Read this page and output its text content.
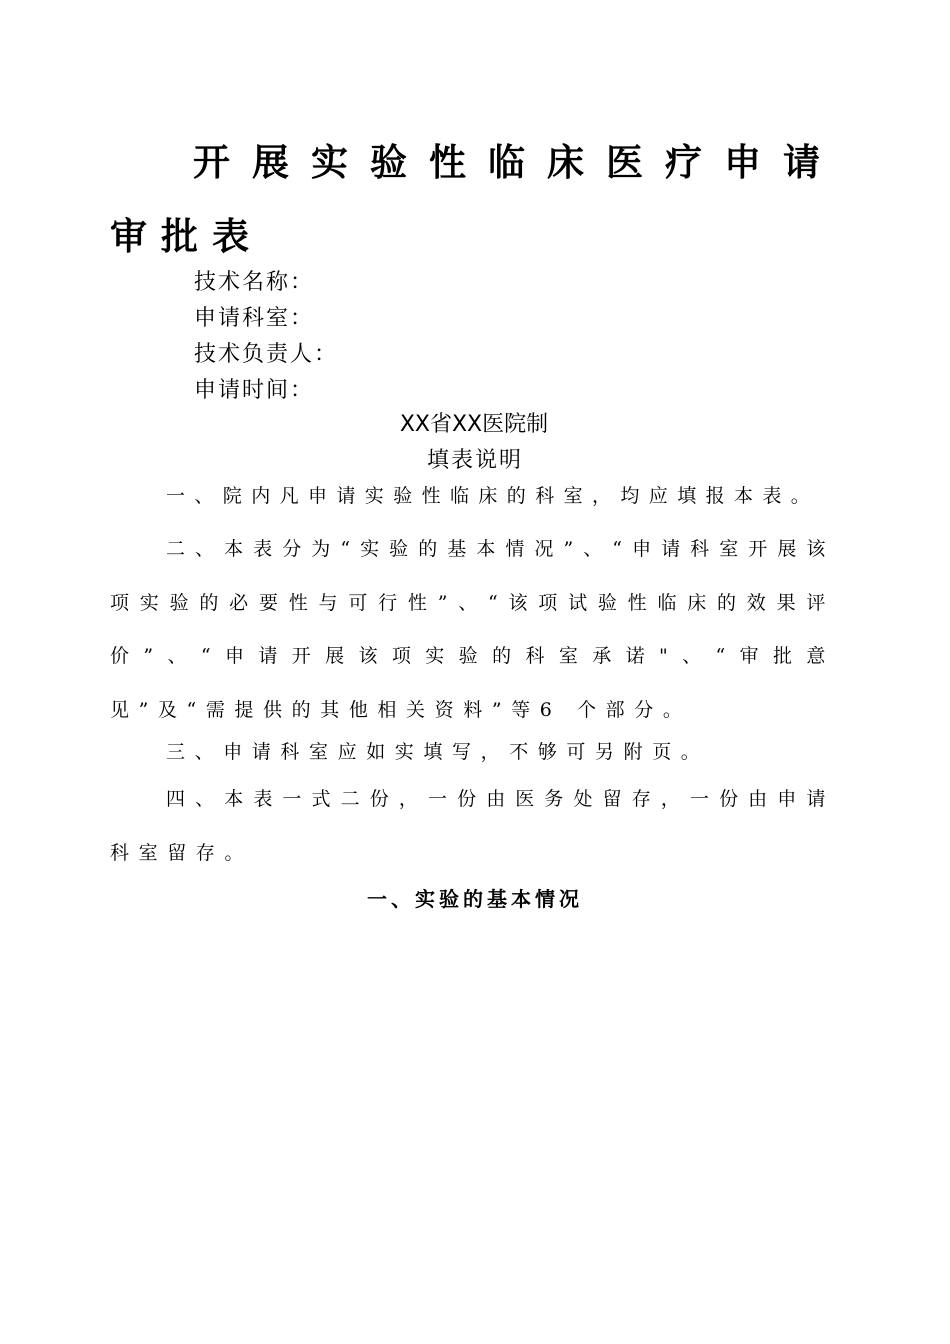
开展实验性临床医疗申请
审批表
技术名称：
申请科室：
技术负责人：
申请时间：
XX省XX医院制
填表说明

一、院内凡申请实验性临床的科室，均应填报本表。

二、本表分为“实验的基本情况”、“申请科室开展该项实验的必要性与可行性”、“该项试验性临床的效果评价”、“申请开展该项实验的科室承诺"、“审批意见”及“需提供的其他相关资料”等6 个部分。

三、申请科室应如实填写，不够可另附页。

四、本表一式二份，一份由医务处留存，一份由申请科室留存。

一、实验的基本情况
